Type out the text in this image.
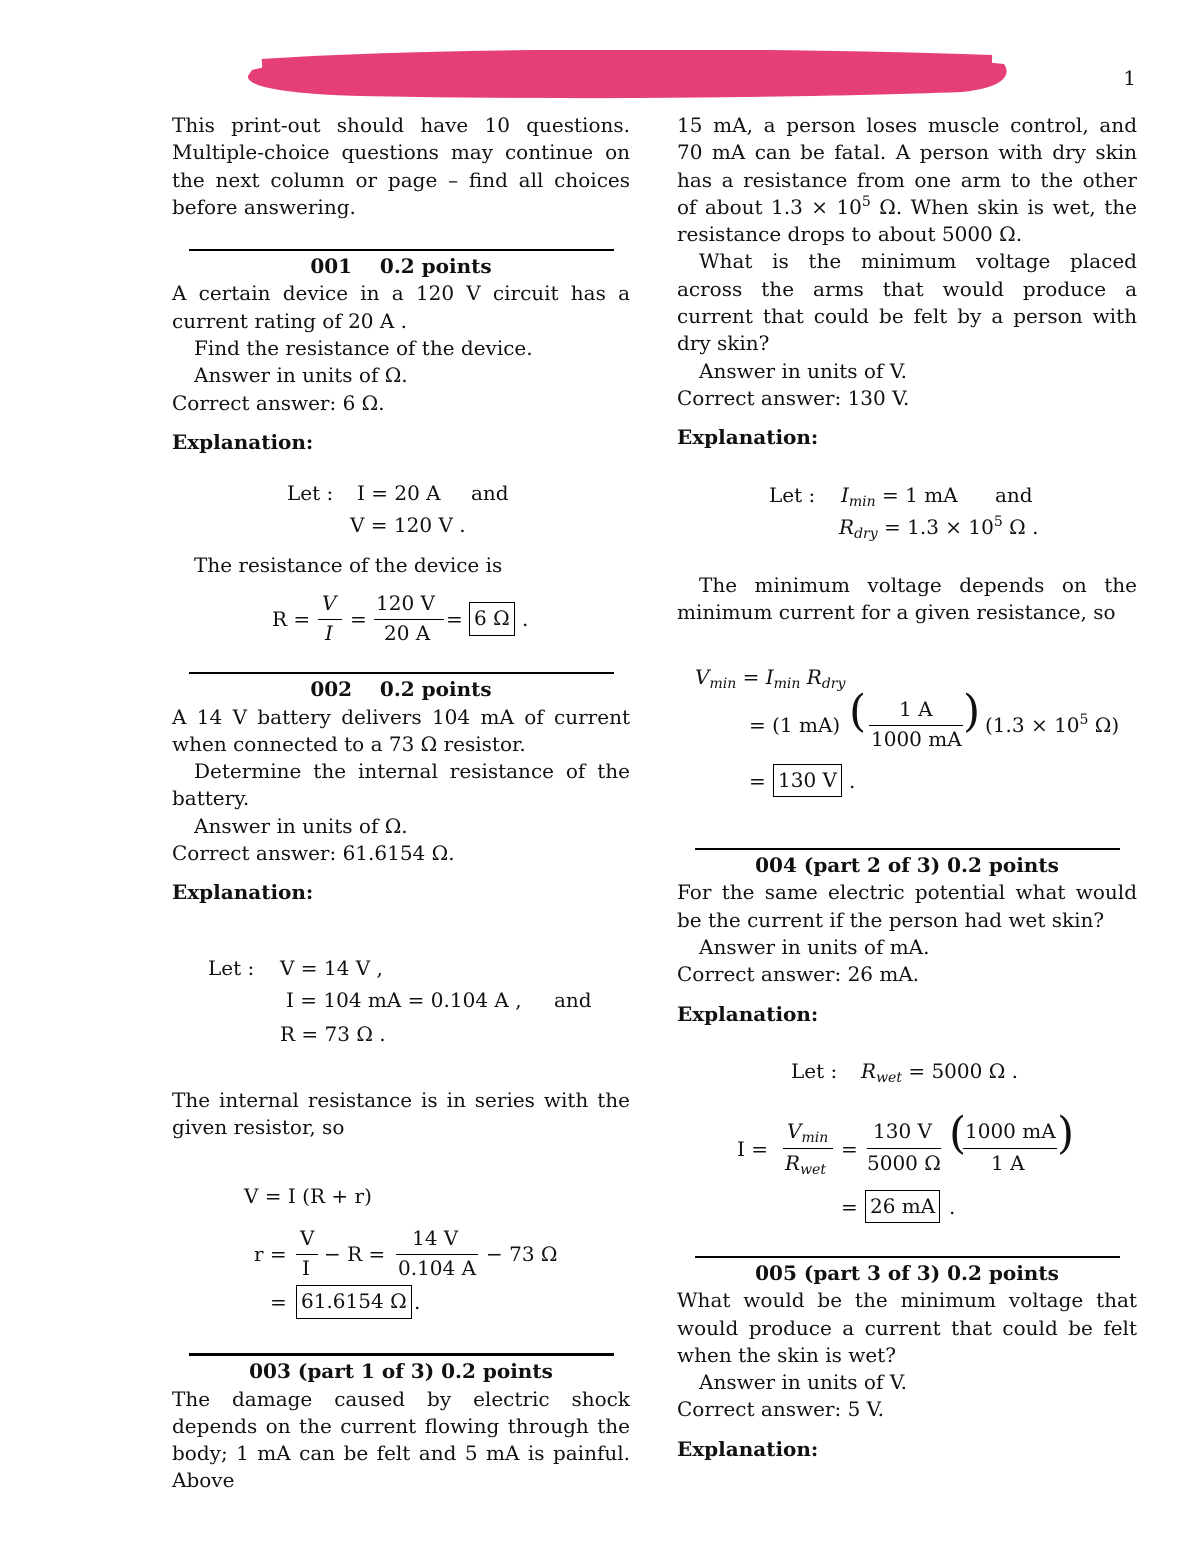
1

This print-out should have 10 questions. Multiple-choice questions may continue on the next column or page – find all choices before answering.

001    0.2 points

A certain device in a 120 V circuit has a current rating of 20 A .

Find the resistance of the device.

Answer in units of Ω.

Correct answer: 6 Ω.

Explanation:

Let : I = 20 A and
V = 120 V .
The resistance of the device is
R =
V
I
=
120 V
20 A
= 6 Ω .

002    0.2 points

A 14 V battery delivers 104 mA of current when connected to a 73 Ω resistor.

Determine the internal resistance of the battery.

Answer in units of Ω.

Correct answer: 61.6154 Ω.

Explanation:

Let : V = 14 V ,
I = 104 mA = 0.104 A , and
R = 73 Ω .

The internal resistance is in series with the given resistor, so

V = I (R + r)
r =
V
I
− R =
14 V
0.104 A
− 73 Ω
= 61.6154 Ω .

003 (part 1 of 3) 0.2 points

The damage caused by electric shock depends on the current flowing through the body; 1 mA can be felt and 5 mA is painful. Above

15 mA, a person loses muscle control, and 70 mA can be fatal. A person with dry skin has a resistance from one arm to the other of about $1.3 \times 10^5$ Ω. When skin is wet, the resistance drops to about 5000 Ω.

What is the minimum voltage placed across the arms that would produce a current that could be felt by a person with dry skin?

Answer in units of V.

Correct answer: 130 V.

Explanation:

Let : $I_{min} = 1$ mA and
$R_{dry} = 1.3 \times 10^5$ Ω .

The minimum voltage depends on the minimum current for a given resistance, so

$V_{min} = I_{min}$ $R_{dry}$
= (1 mA) ( 1 A
1000 mA
) ($1.3 \times 10^5$ Ω)
= 130 V .

004 (part 2 of 3) 0.2 points

For the same electric potential what would be the current if the person had wet skin?

Answer in units of mA.

Correct answer: 26 mA.

Explanation:

Let : $R_{wet} = 5000$ Ω .
I =
$V_{min}$
$R_{wet}$
=
130 V
5000 Ω
(
1000 mA
1 A
)
= 26 mA .

005 (part 3 of 3) 0.2 points

What would be the minimum voltage that would produce a current that could be felt when the skin is wet?

Answer in units of V.

Correct answer: 5 V.

Explanation:
